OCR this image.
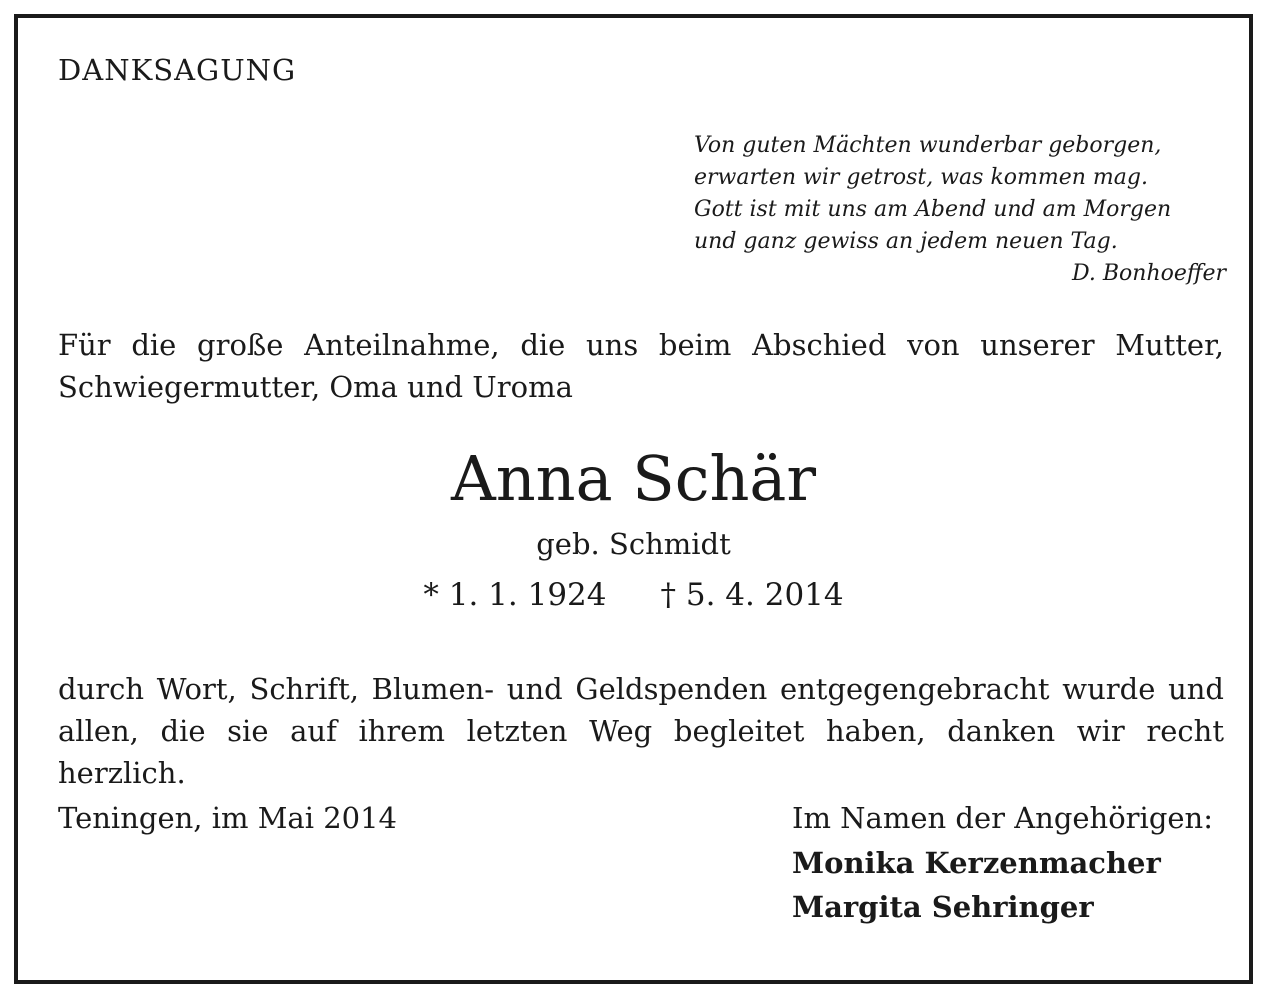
DANKSAGUNG
Von guten Mächten wunderbar geborgen,
erwarten wir getrost, was kommen mag.
Gott ist mit uns am Abend und am Morgen
und ganz gewiss an jedem neuen Tag.
D. Bonhoeffer
Für die große Anteilnahme, die uns beim Abschied von unserer Mutter,
Schwiegermutter, Oma und Uroma
Anna Schär
geb. Schmidt
* 1. 1. 1924 † 5. 4. 2014
durch Wort, Schrift, Blumen- und Geldspenden entgegengebracht wurde und
allen, die sie auf ihrem letzten Weg begleitet haben, danken wir recht herzlich.
Teningen, im Mai 2014	Im Namen der Angehörigen:
Monika Kerzenmacher
Margita Sehringer
